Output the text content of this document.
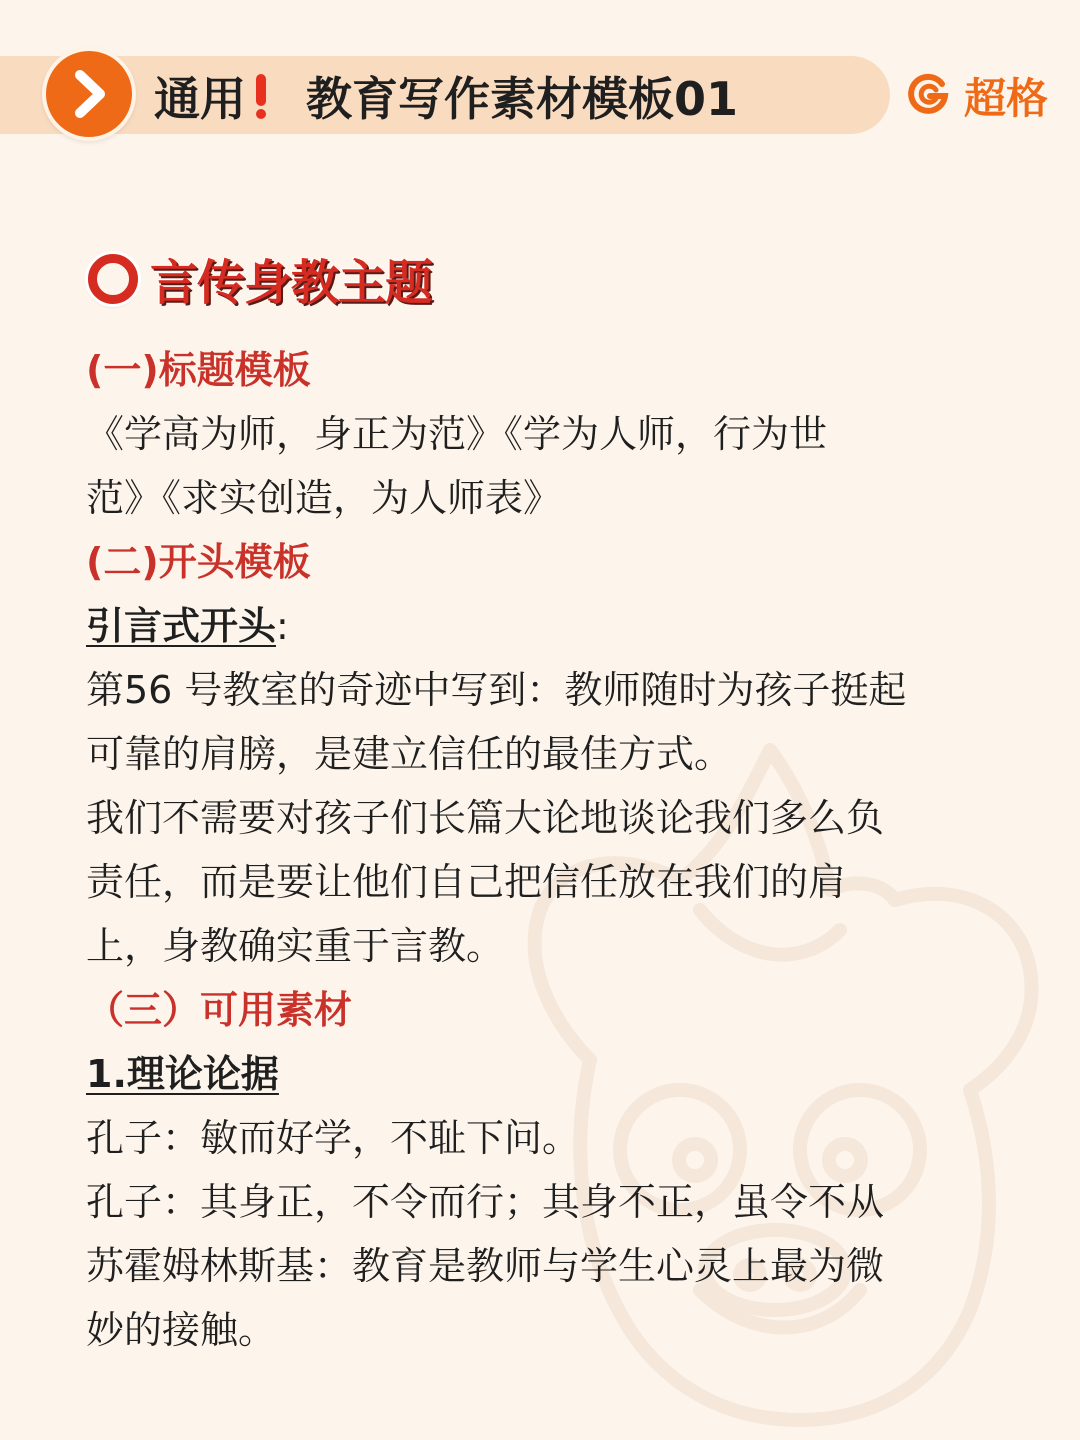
通用 教育写作素材模板01	超格
言传身教主题
(一)标题模板
《学高为师，身正为范》《学为人师，行为世
范》《求实创造，为人师表》
(二)开头模板
引言式开头:
第56 号教室的奇迹中写到：教师随时为孩子挺起
可靠的肩膀，是建立信任的最佳方式。
我们不需要对孩子们长篇大论地谈论我们多么负
责任，而是要让他们自己把信任放在我们的肩
上，身教确实重于言教。
（三）可用素材
1.理论论据
孔子：敏而好学，不耻下问。
孔子：其身正，不令而行；其身不正，虽令不从
苏霍姆林斯基：教育是教师与学生心灵上最为微
妙的接触。
